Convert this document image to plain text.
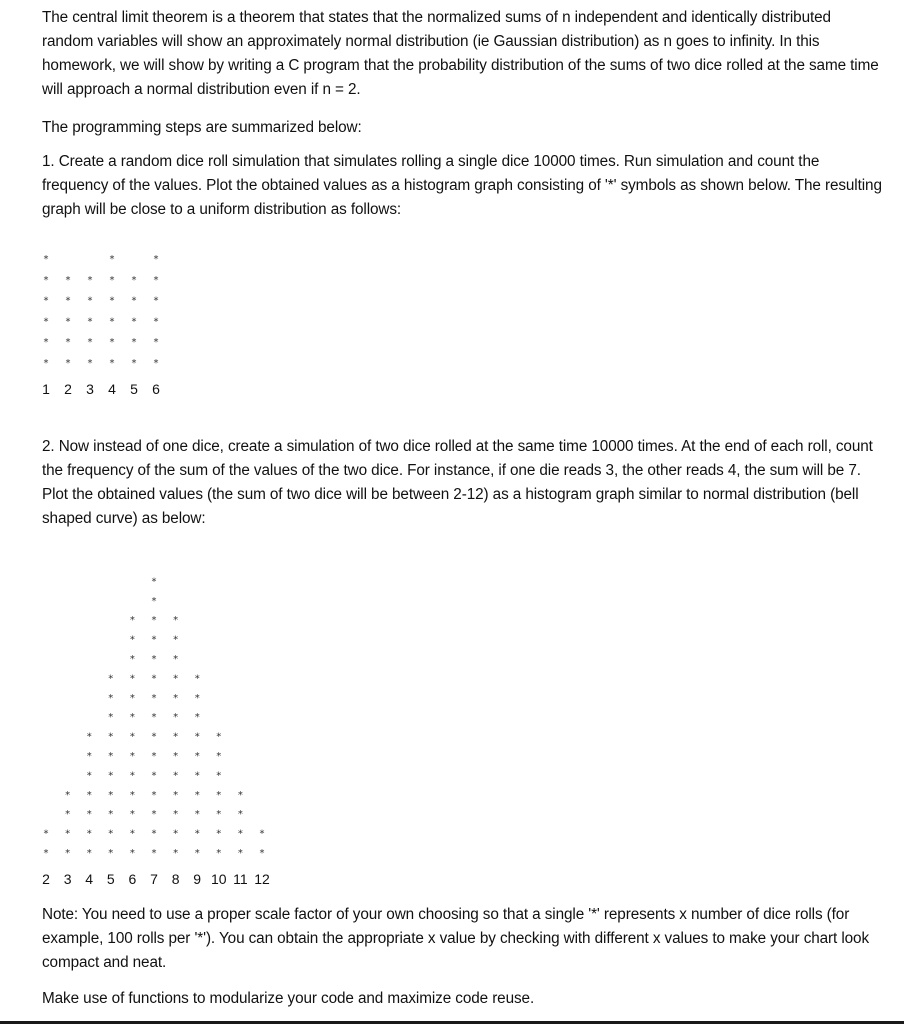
The central limit theorem is a theorem that states that the normalized sums of n independent and identically distributed random variables will show an approximately normal distribution (ie Gaussian distribution) as n goes to infinity. In this homework, we will show by writing a C program that the probability distribution of the sums of two dice rolled at the same time will approach a normal distribution even if n = 2.

The programming steps are summarized below:

1. Create a random dice roll simulation that simulates rolling a single dice 10000 times. Run simulation and count the frequency of the values. Plot the obtained values as a histogram graph consisting of '*' symbols as shown below. The resulting graph will be close to a uniform distribution as follows:

2. Now instead of one dice, create a simulation of two dice rolled at the same time 10000 times. At the end of each roll, count the frequency of the sum of the values of the two dice. For instance, if one die reads 3, the other reads 4, the sum will be 7. Plot the obtained values (the sum of two dice will be between 2-12) as a histogram graph similar to normal distribution (bell shaped curve) as below:

Note: You need to use a proper scale factor of your own choosing so that a single '*' represents x number of dice rolls (for example, 100 rolls per '*'). You can obtain the appropriate x value by checking with different x values to make your chart look compact and neat.

Make use of functions to modularize your code and maximize code reuse.

*
*
*
*
*
*
1
*
*
*
*
*
2
*
*
*
*
*
3
*
*
*
*
*
*
4
*
*
*
*
*
5
*
*
*
*
*
*
6
*
*
2
*
*
*
*
3
*
*
*
*
*
*
*
4
*
*
*
*
*
*
*
*
*
*
5
*
*
*
*
*
*
*
*
*
*
*
*
*
6
*
*
*
*
*
*
*
*
*
*
*
*
*
*
*
7
*
*
*
*
*
*
*
*
*
*
*
*
*
8
*
*
*
*
*
*
*
*
*
*
9
*
*
*
*
*
*
*
10
*
*
*
*
11
*
*
12
